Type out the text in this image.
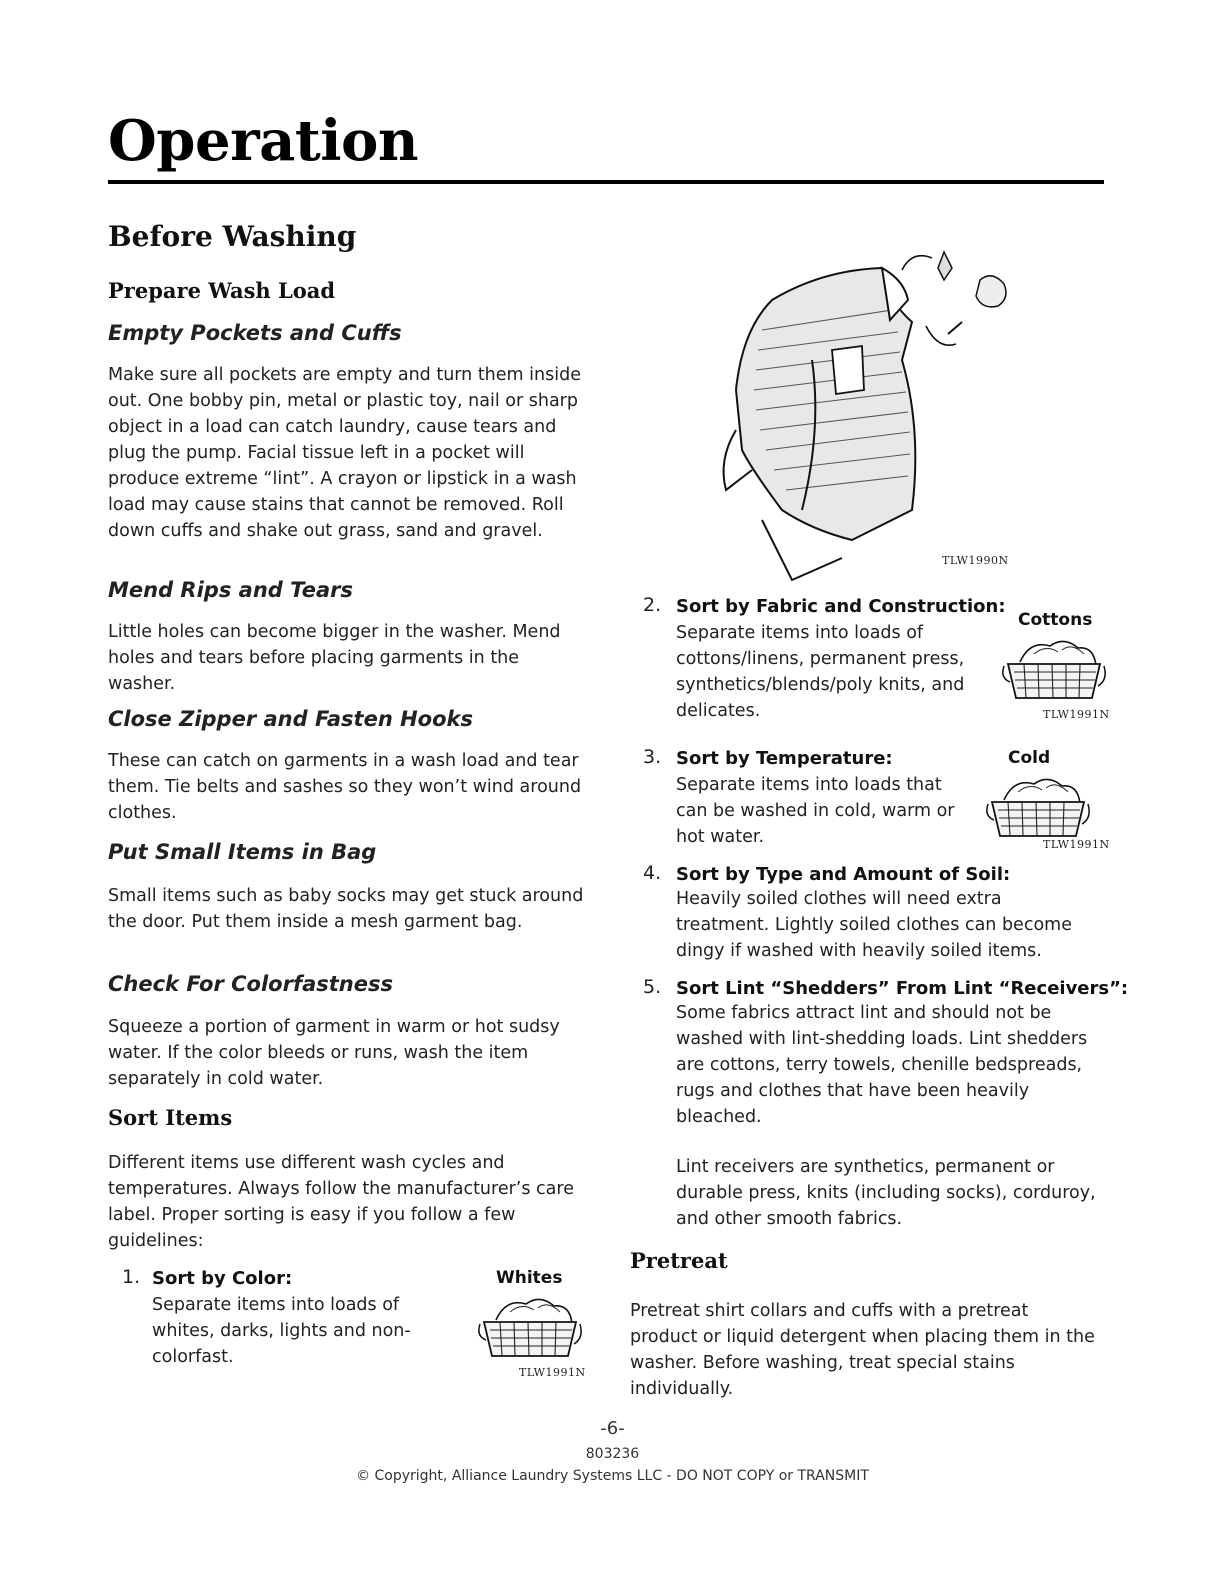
Operation
Before Washing
Prepare Wash Load
Empty Pockets and Cuffs

Make sure all pockets are empty and turn them inside out. One bobby pin, metal or plastic toy, nail or sharp object in a load can catch laundry, cause tears and plug the pump. Facial tissue left in a pocket will produce extreme “lint”. A crayon or lipstick in a wash load may cause stains that cannot be removed. Roll down cuffs and shake out grass, sand and gravel.

Mend Rips and Tears

Little holes can become bigger in the washer. Mend holes and tears before placing garments in the washer.

Close Zipper and Fasten Hooks

These can catch on garments in a wash load and tear them. Tie belts and sashes so they won’t wind around clothes.

Put Small Items in Bag

Small items such as baby socks may get stuck around the door. Put them inside a mesh garment bag.

Check For Colorfastness

Squeeze a portion of garment in warm or hot sudsy water. If the color bleeds or runs, wash the item separately in cold water.

Sort Items

Different items use different wash cycles and temperatures. Always follow the manufacturer’s care label. Proper sorting is easy if you follow a few guidelines:

1. Sort by Color:

Separate items into loads of whites, darks, lights and non-colorfast.

Whites
TLW1991N
TLW1990N
2. Sort by Fabric and Construction:

Separate items into loads of cottons/linens, permanent press, synthetics/blends/poly knits, and delicates.

Cottons
TLW1991N
3. Sort by Temperature:

Separate items into loads that can be washed in cold, warm or hot water.

Cold
TLW1991N
4. Sort by Type and Amount of Soil:

Heavily soiled clothes will need extra treatment. Lightly soiled clothes can become dingy if washed with heavily soiled items.

5. Sort Lint “Shedders” From Lint “Receivers”:

Some fabrics attract lint and should not be washed with lint-shedding loads. Lint shedders are cottons, terry towels, chenille bedspreads, rugs and clothes that have been heavily bleached.

Lint receivers are synthetics, permanent or durable press, knits (including socks), corduroy, and other smooth fabrics.

Pretreat

Pretreat shirt collars and cuffs with a pretreat product or liquid detergent when placing them in the washer. Before washing, treat special stains individually.

-6-
803236
© Copyright, Alliance Laundry Systems LLC - DO NOT COPY or TRANSMIT
